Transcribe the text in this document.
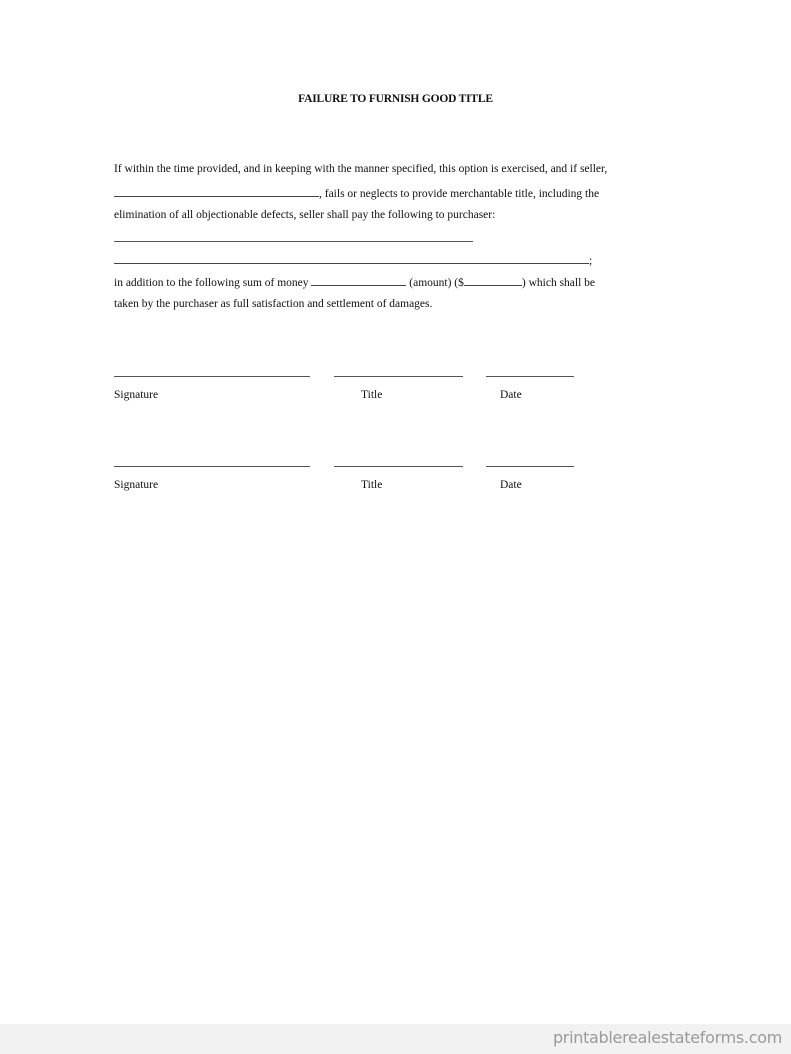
FAILURE TO FURNISH GOOD TITLE
If within the time provided, and in keeping with the manner specified, this option is exercised, and if seller,
, fails or neglects to provide merchantable title, including the
elimination of all objectionable defects, seller shall pay the following to purchaser:
;
in addition to the following sum of money	(amount) ($	) which shall be
taken by the purchaser as full satisfaction and settlement of damages.
Signature	Title	Date
Signature	Title	Date
printablerealestateforms.com
